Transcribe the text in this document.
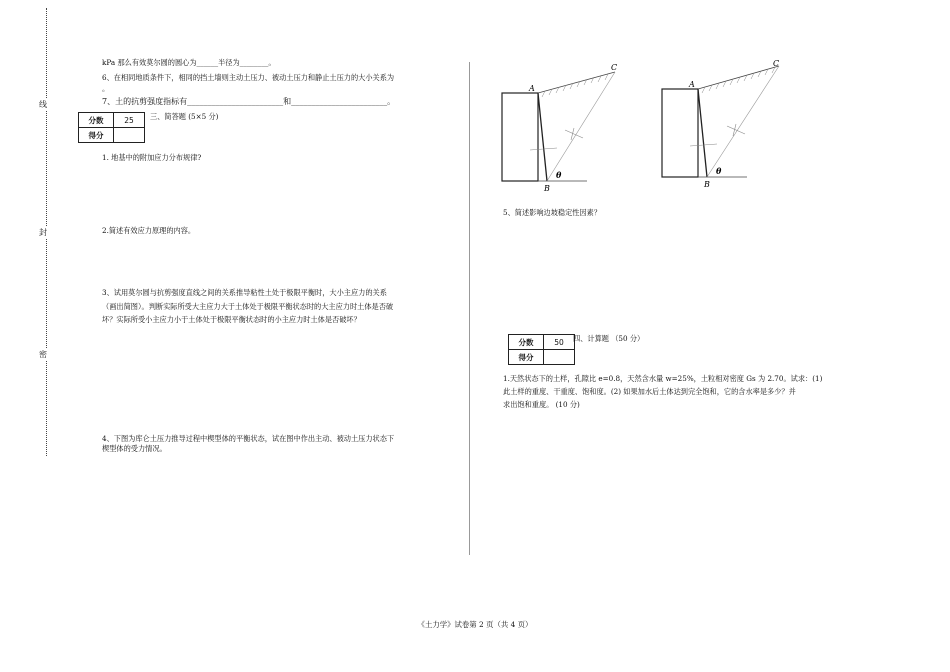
线
封
密
kPa 那么有效莫尔圆的圆心为______半径为________。
6、在相同地质条件下，相同的挡土墙则主动土压力、被动土压力和静止土压力的大小关系为
。
7、土的抗剪强度指标有________________________和________________________。
分数	25
得分	
三、简答题 (5×5 分)
1. 地基中的附加应力分布规律?
2.简述有效应力原理的内容。
3、试用莫尔圆与抗剪强度直线之间的关系推导粘性土处于极限平衡时，大小主应力的关系
（画出简图）。判断实际所受大主应力大于土体处于极限平衡状态时的大主应力时土体是否破
坏？实际所受小主应力小于土体处于极限平衡状态时的小主应力时土体是否破坏？
4、下图为库仑土压力推导过程中楔型体的平衡状态，试在图中作出主动、被动土压力状态下
楔型体的受力情况。
A
B
C
θ
A
B
C
θ
5、简述影响边坡稳定性因素？
分数	50
得分	
四、计算题 （50 分）
1.天然状态下的土样，孔隙比 e=0.8，天然含水量 w=25%，土粒相对密度 Gs 为 2.70。试求：(1)
此土样的重度、干重度、饱和度。(2) 如果加水后土体达到完全饱和，它的含水率是多少？并
求出饱和重度。 (10 分)
《土力学》试卷第 2 页（共 4 页）
